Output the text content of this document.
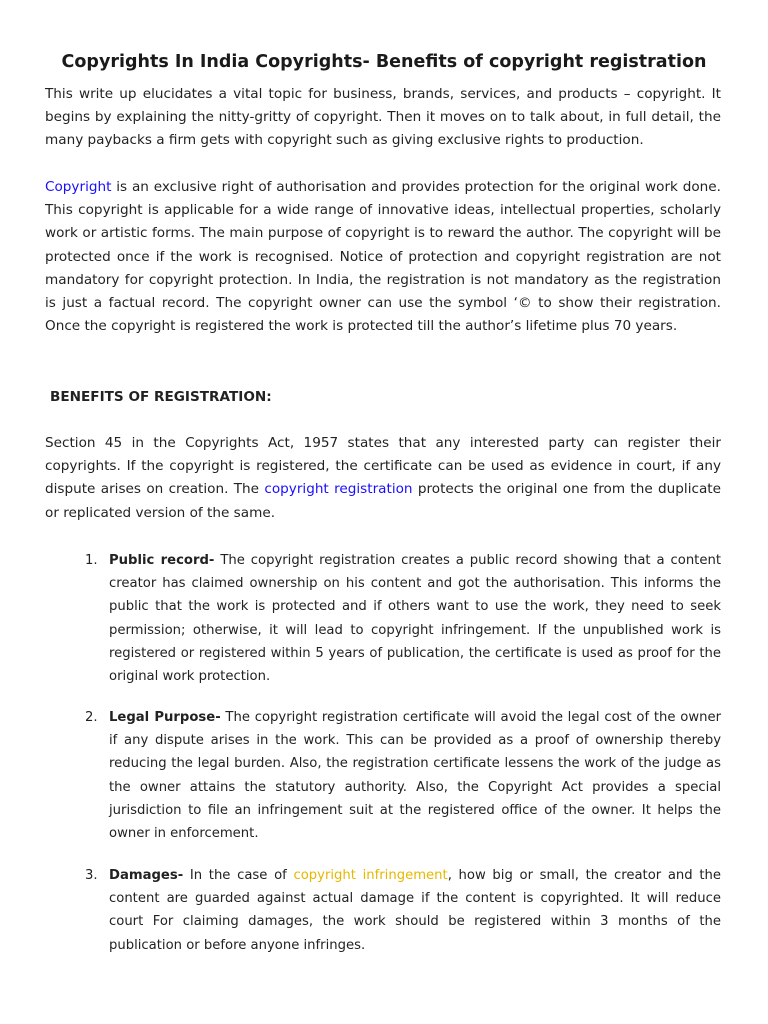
Copyrights In India Copyrights- Benefits of copyright registration

This write up elucidates a vital topic for business, brands, services, and products – copyright. It begins by explaining the nitty-gritty of copyright. Then it moves on to talk about, in full detail, the many paybacks a firm gets with copyright such as giving exclusive rights to production.

Copyright is an exclusive right of authorisation and provides protection for the original work done. This copyright is applicable for a wide range of innovative ideas, intellectual properties, scholarly work or artistic forms. The main purpose of copyright is to reward the author. The copyright will be protected once if the work is recognised. Notice of protection and copyright registration are not mandatory for copyright protection. In India, the registration is not mandatory as the registration is just a factual record. The copyright owner can use the symbol ‘© to show their registration. Once the copyright is registered the work is protected till the author’s lifetime plus 70 years.

BENEFITS OF REGISTRATION:

Section 45 in the Copyrights Act, 1957 states that any interested party can register their copyrights. If the copyright is registered, the certificate can be used as evidence in court, if any dispute arises on creation. The copyright registration protects the original one from the duplicate or replicated version of the same.

1. Public record- The copyright registration creates a public record showing that a content creator has claimed ownership on his content and got the authorisation. This informs the public that the work is protected and if others want to use the work, they need to seek permission; otherwise, it will lead to copyright infringement. If the unpublished work is registered or registered within 5 years of publication, the certificate is used as proof for the original work protection.
2. Legal Purpose- The copyright registration certificate will avoid the legal cost of the owner if any dispute arises in the work. This can be provided as a proof of ownership thereby reducing the legal burden. Also, the registration certificate lessens the work of the judge as the owner attains the statutory authority. Also, the Copyright Act provides a special jurisdiction to file an infringement suit at the registered office of the owner. It helps the owner in enforcement.
3. Damages- In the case of copyright infringement, how big or small, the creator and the content are guarded against actual damage if the content is copyrighted. It will reduce court For claiming damages, the work should be registered within 3 months of the publication or before anyone infringes.
